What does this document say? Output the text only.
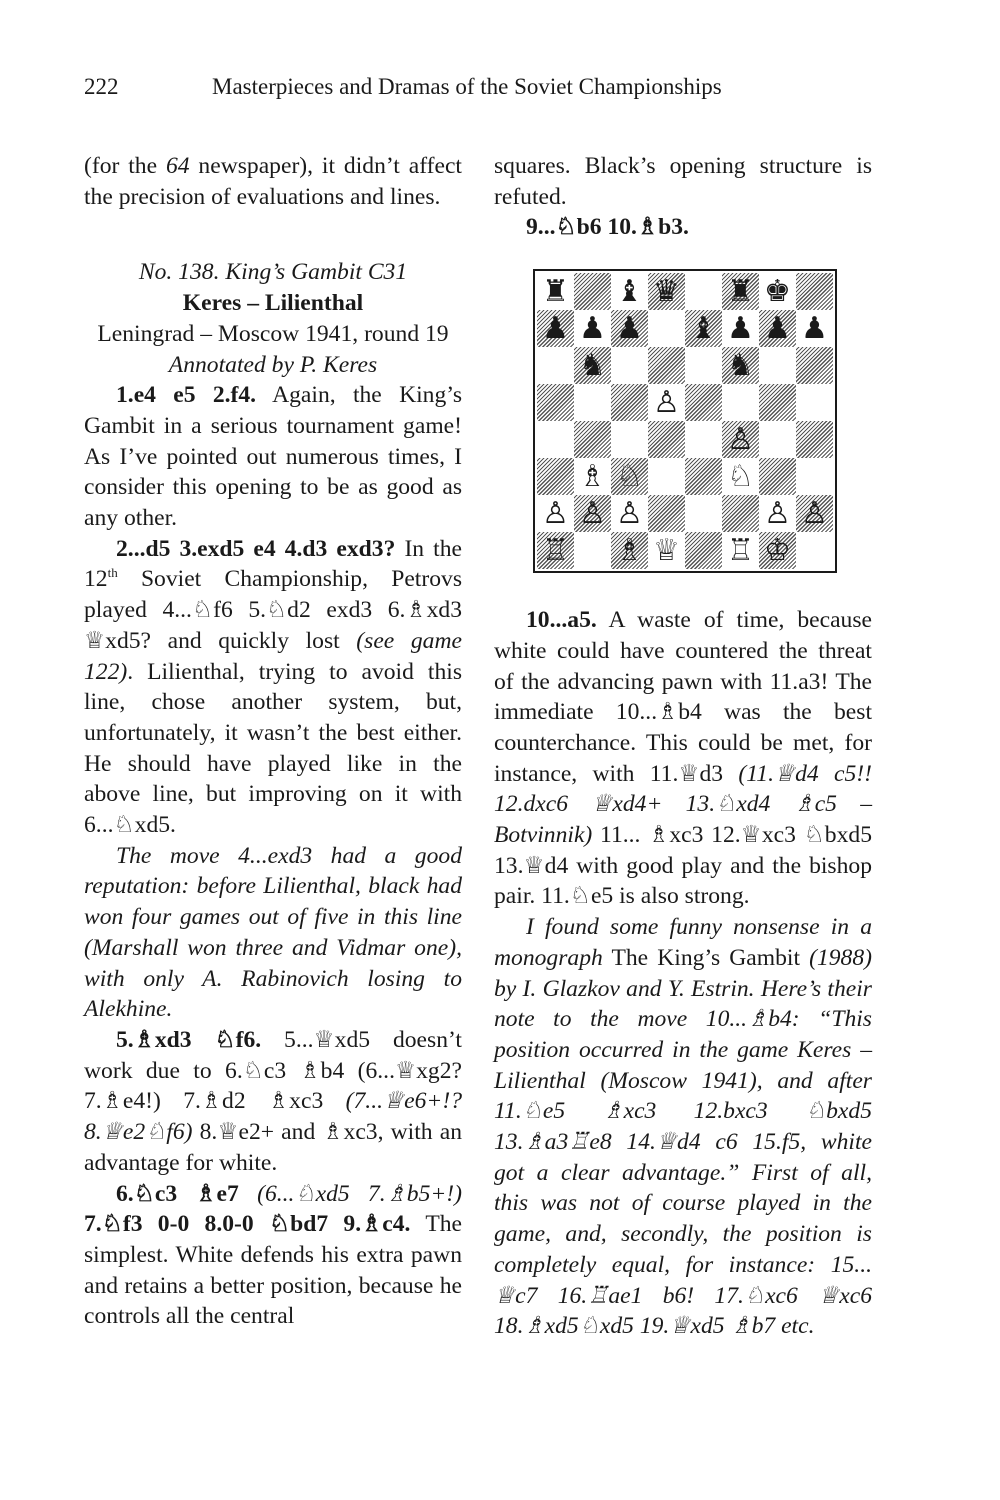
222	Masterpieces and Dramas of the Soviet Championships

(for the 64 newspaper), it didn’t affect the precision of evaluations and lines.

No. 138. King’s Gambit C31

Keres – Lilienthal

Leningrad – Moscow 1941, round 19

Annotated by P. Keres

1.e4 e5 2.f4. Again, the King’s Gambit in a serious tournament game! As I’ve pointed out numerous times, I consider this opening to be as good as any other.

2...d5 3.exd5 e4 4.d3 exd3? In the 12th Soviet Championship, Petrovs played 4...♘f6 5.♘d2 exd3 6.♗xd3 ♕xd5? and quickly lost (see game 122). Lilienthal, trying to avoid this line, chose another system, but, unfortunately, it wasn’t the best either. He should have played like in the above line, but improving on it with 6...♘xd5.

The move 4...exd3 had a good reputation: before Lilienthal, black had won four games out of five in this line (Marshall won three and Vidmar one), with only A. Rabinovich losing to Alekhine.

5.♗xd3 ♘f6. 5...♕xd5 doesn’t work due to 6.♘c3 ♗b4 (6...♕xg2? 7.♗e4!) 7.♗d2 ♗xc3 (7...♕e6+!? 8.♕e2♘f6) 8.♕e2+ and ♗xc3, with an advantage for white.

6.♘c3 ♗e7 (6...♘xd5 7.♗b5+!) 7.♘f3 0-0 8.0-0 ♘bd7 9.♗c4. The simplest. White defends his extra pawn and retains a better position, because he controls all the central

squares. Black’s opening structure is refuted.

9...♘b6 10.♗b3.

♜ ♝ ♛ ♜ ♚
♟ ♟ ♟ ♝ ♟ ♟ ♟
♞	♞
♙
♙
♗ ♘	♘
♙ ♙ ♙	♙ ♙
♖ ♗ ♕ ♖ ♔

10...a5. A waste of time, because white could have countered the threat of the advancing pawn with 11.a3! The immediate 10...♗b4 was the best counterchance. This could be met, for instance, with 11.♕d3 (11.♕d4 c5!! 12.dxc6 ♕xd4+ 13.♘xd4 ♗c5 – Botvinnik) 11... ♗xc3 12.♕xc3 ♘bxd5 13.♕d4 with good play and the bishop pair. 11.♘e5 is also strong.

I found some funny nonsense in a monograph The King’s Gambit (1988) by I. Glazkov and Y. Estrin. Here’s their note to the move 10...♗b4: “This position occurred in the game Keres – Lilienthal (Moscow 1941), and after 11.♘e5 ♗xc3 12.bxc3 ♘bxd5 13.♗a3♖e8 14.♕d4 c6 15.f5, white got a clear advantage.” First of all, this was not of course played in the game, and, secondly, the position is completely equal, for instance: 15... ♕c7 16.♖ae1 b6! 17.♘xc6 ♕xc6 18.♗xd5♘xd5 19.♕xd5 ♗b7 etc.
